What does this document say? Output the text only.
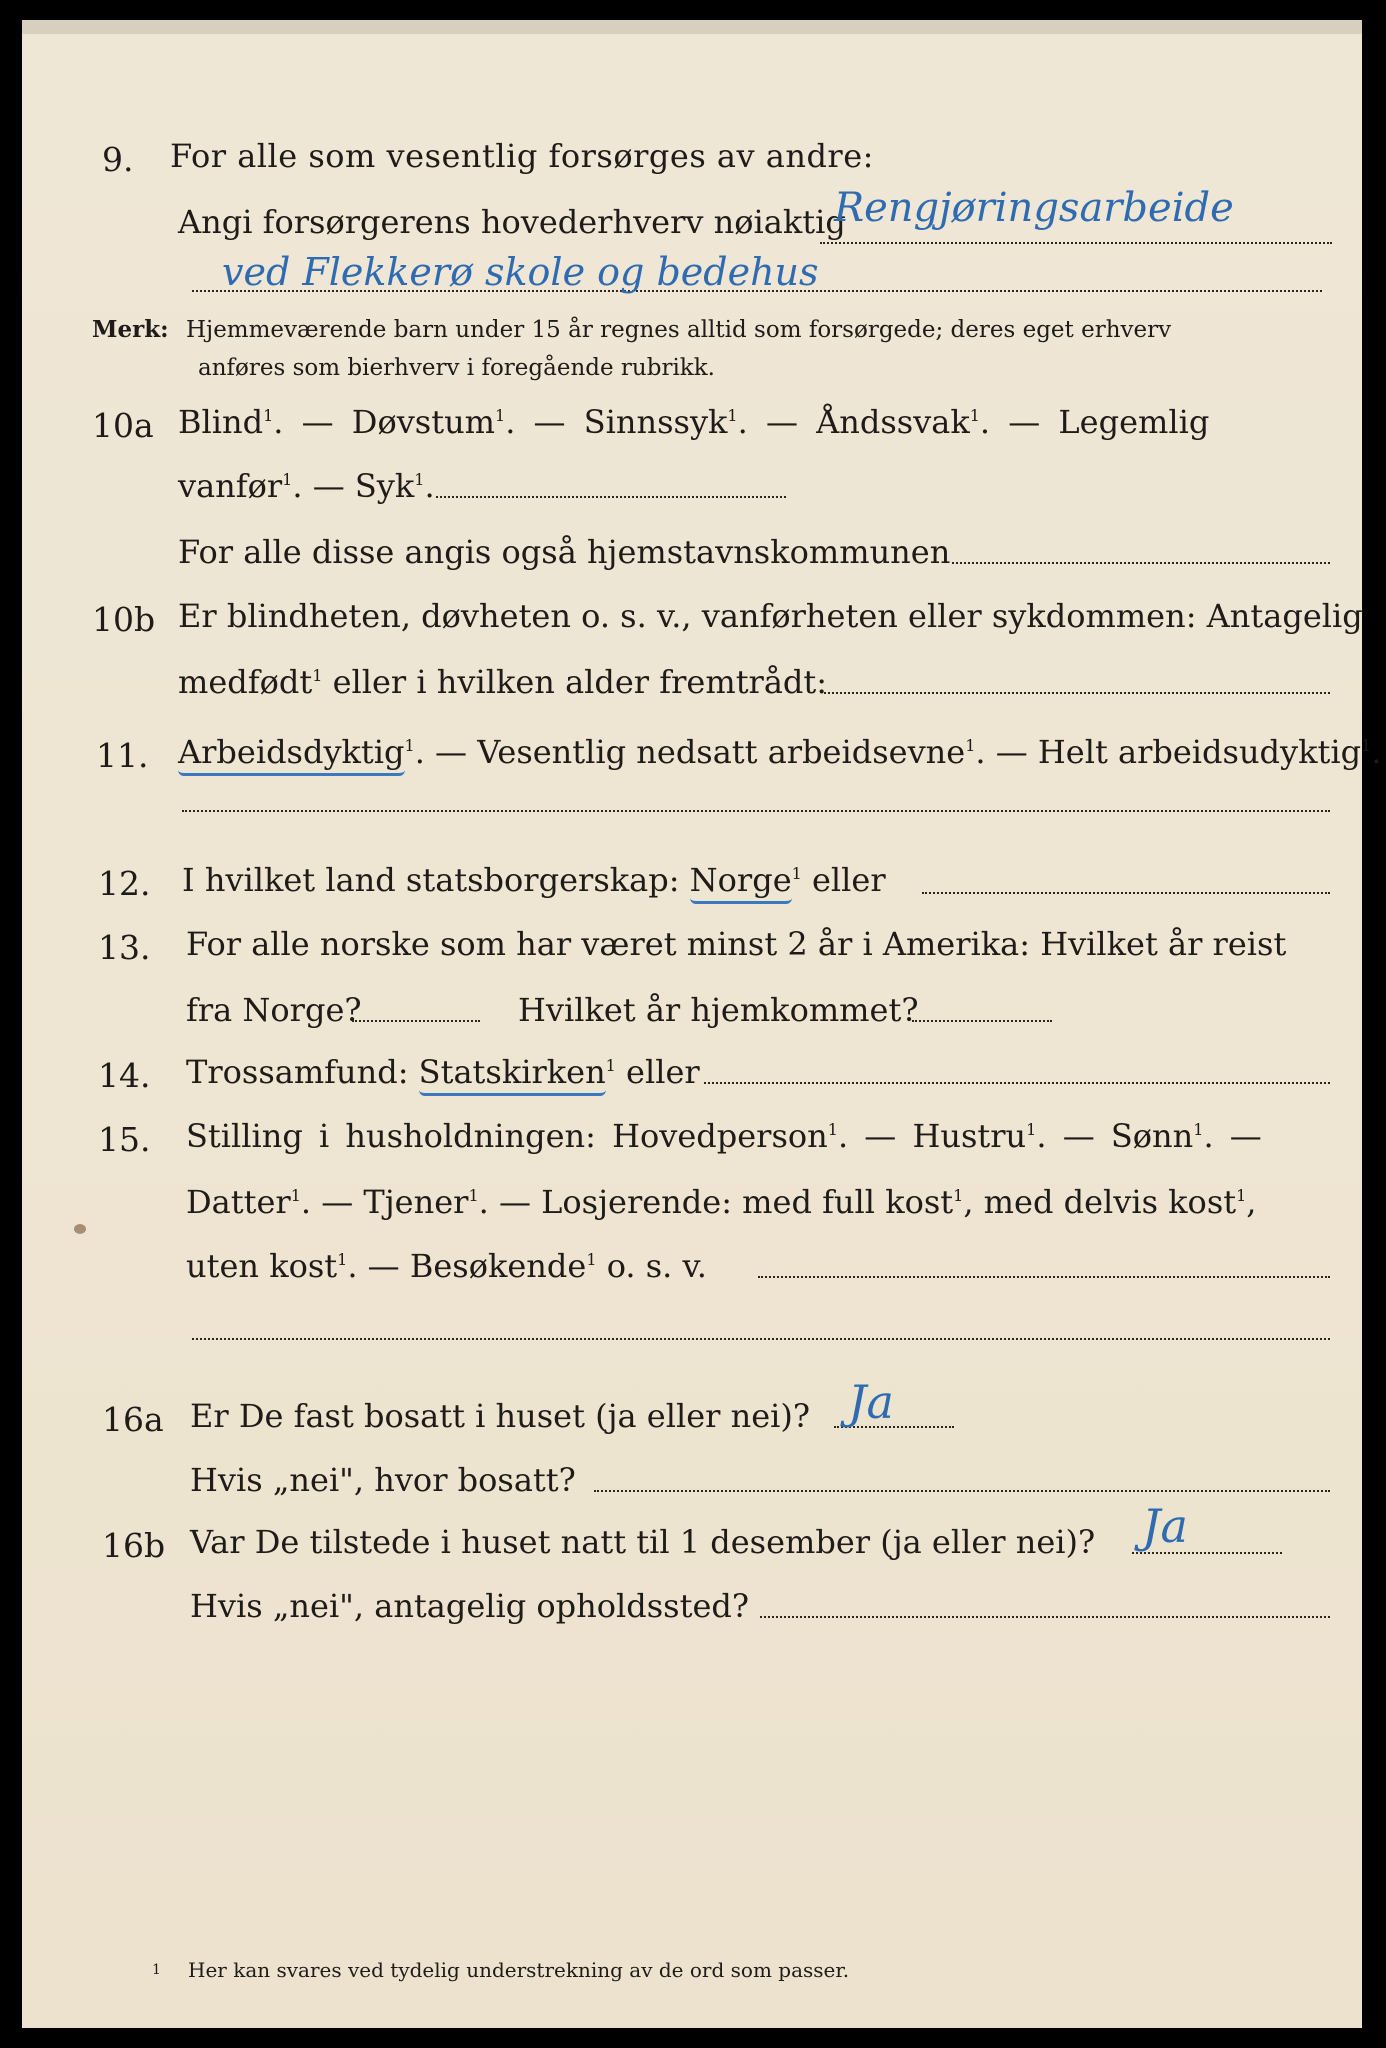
9. For alle som vesentlig forsørges av andre:
Angi forsørgerens hovederhverv nøiaktig
Rengjøringsarbeide
ved Flekkerø skole og bedehus
Merk: Hjemmeværende barn under 15 år regnes alltid som forsørgede; deres eget erhverv
anføres som bierhverv i foregående rubrikk.
10a Blind$^1$. — Døvstum$^1$. — Sinnssyk$^1$. — Åndssvak$^1$. — Legemlig
vanfør$^1$. — Syk$^1$.
For alle disse angis også hjemstavnskommunen
10b Er blindheten, døvheten o. s. v., vanførheten eller sykdommen: Antagelig
medfødt$^1$ eller i hvilken alder fremtrådt:
11. Arbeidsdyktig$^1$. — Vesentlig nedsatt arbeidsevne$^1$. — Helt arbeidsudyktig$^1$.
12. I hvilket land statsborgerskap: Norge$^1$ eller
13. For alle norske som har været minst 2 år i Amerika: Hvilket år reist
fra Norge?	Hvilket år hjemkommet?
14. Trossamfund: Statskirken$^1$ eller
15. Stilling i husholdningen: Hovedperson$^1$. — Hustru$^1$. — Sønn$^1$. —
Datter$^1$. — Tjener$^1$. — Losjerende: med full kost$^1$, med delvis kost$^1$,
uten kost$^1$. — Besøkende$^1$ o. s. v.
16a Er De fast bosatt i huset (ja eller nei)? Ja
Hvis „nei", hvor bosatt?
16b Var De tilstede i huset natt til 1 desember (ja eller nei)? Ja
Hvis „nei", antagelig opholdssted?
1 Her kan svares ved tydelig understrekning av de ord som passer.
